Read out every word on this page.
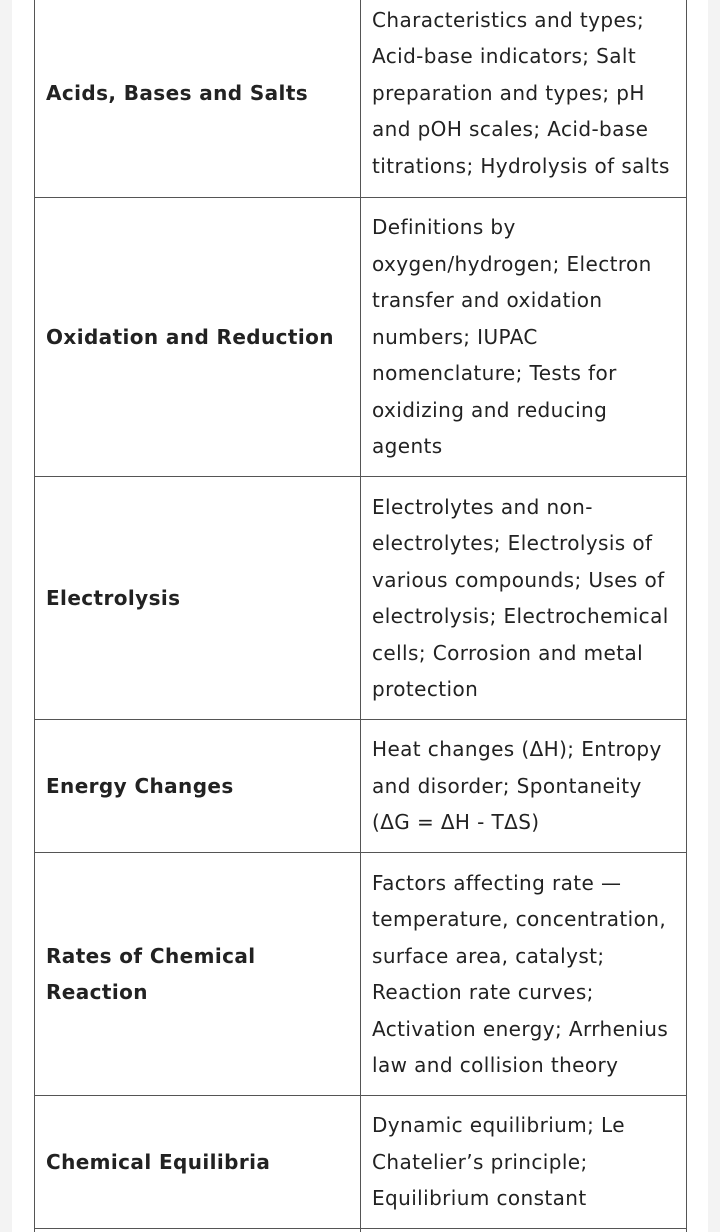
Acids, Bases and Salts	Characteristics and types; Acid-base indicators; Salt preparation and types; pH and pOH scales; Acid-base titrations; Hydrolysis of salts
Oxidation and Reduction	Definitions by oxygen/hydrogen; Electron transfer and oxidation numbers; IUPAC nomenclature; Tests for oxidizing and reducing agents
Electrolysis	Electrolytes and non-electrolytes; Electrolysis of various compounds; Uses of electrolysis; Electrochemical cells; Corrosion and metal protection
Energy Changes	Heat changes (ΔH); Entropy and disorder; Spontaneity (ΔG = ΔH - TΔS)
Rates of Chemical Reaction	Factors affecting rate — temperature, concentration, surface area, catalyst; Reaction rate curves; Activation energy; Arrhenius law and collision theory
Chemical Equilibria	Dynamic equilibrium; Le Chatelier’s principle; Equilibrium constant
